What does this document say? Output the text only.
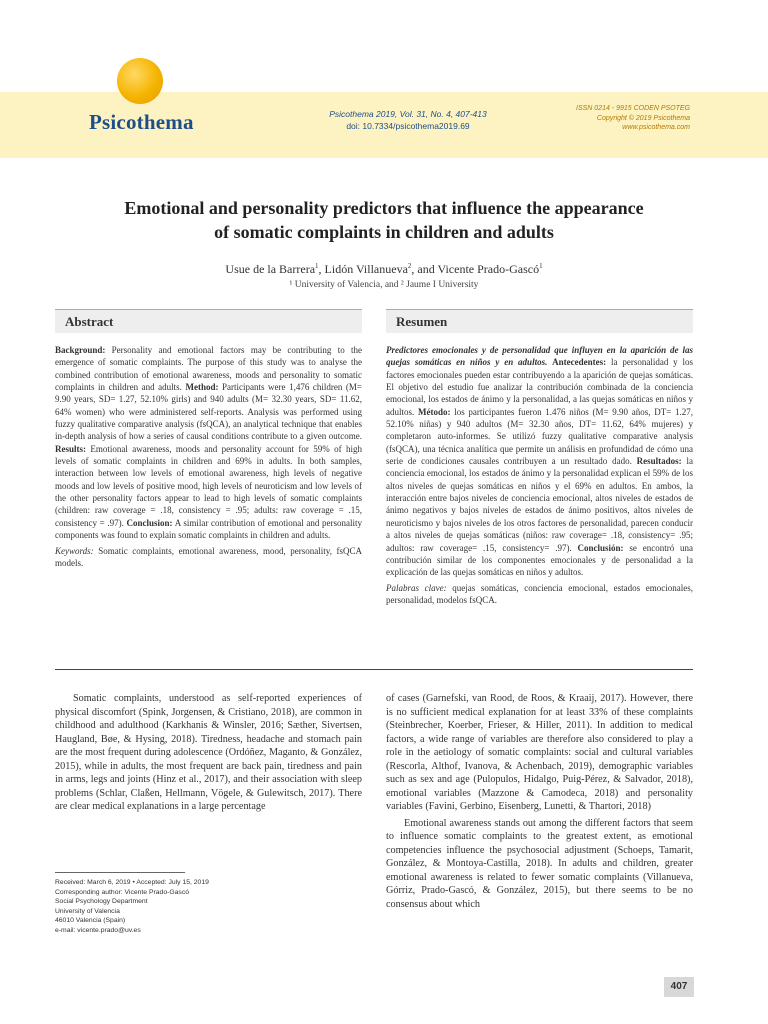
Psicothema	Psicothema 2019, Vol. 31, No. 4, 407-413
doi: 10.7334/psicothema2019.69
ISSN 0214 - 9915 CODEN PSOTEG
Copyright © 2019 Psicothema
www.psicothema.com
Emotional and personality predictors that influence the appearance
of somatic complaints in children and adults
Usue de la Barrera$^1$, Lidón Villanueva$^2$, and Vicente Prado-Gascó$^1$
¹ University of Valencia, and ² Jaume I University
Abstract	Resumen

Background: Personality and emotional factors may be contributing to the emergence of somatic complaints. The purpose of this study was to analyse the combined contribution of emotional awareness, moods and personality to somatic complaints in children and adults. Method: Participants were 1,476 children (M= 9.90 years, SD= 1.27, 52.10% girls) and 940 adults (M= 32.30 years, SD= 11.62, 64% women) who were administered self-reports. Analysis was performed using fuzzy qualitative comparative analysis (fsQCA), an analytical technique that enables in-depth analysis of how a series of causal conditions contribute to a given outcome. Results: Emotional awareness, moods and personality account for 59% of high levels of somatic complaints in children and 69% in adults. In both samples, interaction between low levels of emotional awareness, high levels of negative moods and low levels of positive mood, high levels of neuroticism and low levels of the other personality factors appear to lead to high levels of somatic complaints (children: raw coverage = .18, consistency = .95; adults: raw coverage = .15, consistency = .97). Conclusion: A similar contribution of emotional and personality components was found to explain somatic complaints in children and adults.

Keywords: Somatic complaints, emotional awareness, mood, personality, fsQCA models.

Predictores emocionales y de personalidad que influyen en la aparición de las quejas somáticas en niños y en adultos. Antecedentes: la personalidad y los factores emocionales pueden estar contribuyendo a la aparición de quejas somáticas. El objetivo del estudio fue analizar la contribución combinada de la conciencia emocional, los estados de ánimo y la personalidad, a las quejas somáticas en niños y adultos. Método: los participantes fueron 1.476 niños (M= 9.90 años, DT= 1.27, 52.10% niñas) y 940 adultos (M= 32.30 años, DT= 11.62, 64% mujeres) y completaron auto-informes. Se utilizó fuzzy qualitative comparative analysis (fsQCA), una técnica analítica que permite un análisis en profundidad de cómo una serie de condiciones causales contribuyen a un resultado dado. Resultados: la conciencia emocional, los estados de ánimo y la personalidad explican el 59% de los altos niveles de quejas somáticas en niños y el 69% en adultos. En ambos, la interacción entre bajos niveles de conciencia emocional, altos niveles de estados de ánimo negativos y bajos niveles de estados de ánimo positivos, altos niveles de neuroticismo y bajos niveles de los otros factores de personalidad, parecen conducir a altos niveles de quejas somáticas (niños: raw coverage= .18, consistency= .95; adultos: raw coverage= .15, consistency= .97). Conclusión: se encontró una contribución similar de los componentes emocionales y de personalidad a la explicación de las quejas somáticas en niños y adultos.

Palabras clave: quejas somáticas, conciencia emocional, estados emocionales, personalidad, modelos fsQCA.

Somatic complaints, understood as self-reported experiences of physical discomfort (Spink, Jorgensen, & Cristiano, 2018), are common in childhood and adulthood (Karkhanis & Winsler, 2016; Sæther, Sivertsen, Haugland, Bøe, & Hysing, 2018). Tiredness, headache and stomach pain are the most frequent during adolescence (Ordóñez, Maganto, & González, 2015), while in adults, the most frequent are back pain, tiredness and pain in arms, legs and joints (Hinz et al., 2017), and their association with sleep problems (Schlar, Claßen, Hellmann, Vögele, & Gulewitsch, 2017). There are clear medical explanations in a large percentage

of cases (Garnefski, van Rood, de Roos, & Kraaij, 2017). However, there is no sufficient medical explanation for at least 33% of these complaints (Steinbrecher, Koerber, Frieser, & Hiller, 2011). In addition to medical factors, a wide range of variables are therefore also considered to play a role in the aetiology of somatic complaints: social and cultural variables (Rescorla, Althof, Ivanova, & Achenbach, 2019), demographic variables such as sex and age (Pulopulos, Hidalgo, Puig-Pérez, & Salvador, 2018), emotional variables (Mazzone & Camodeca, 2018) and personality variables (Favini, Gerbino, Eisenberg, Lunetti, & Thartori, 2018)

Emotional awareness stands out among the different factors that seem to influence somatic complaints to the greatest extent, as emotional competencies influence the psychosocial adjustment (Schoeps, Tamarit, González, & Montoya-Castilla, 2018). In adults and children, greater emotional awareness is related to fewer somatic complaints (Villanueva, Górriz, Prado-Gascó, & González, 2015), but there seems to be no consensus about which

Received: March 6, 2019 • Accepted: July 15, 2019
Corresponding author: Vicente Prado-Gascó
Social Psychology Department
University of Valencia
46010 Valencia (Spain)
e-mail: vicente.prado@uv.es
407
